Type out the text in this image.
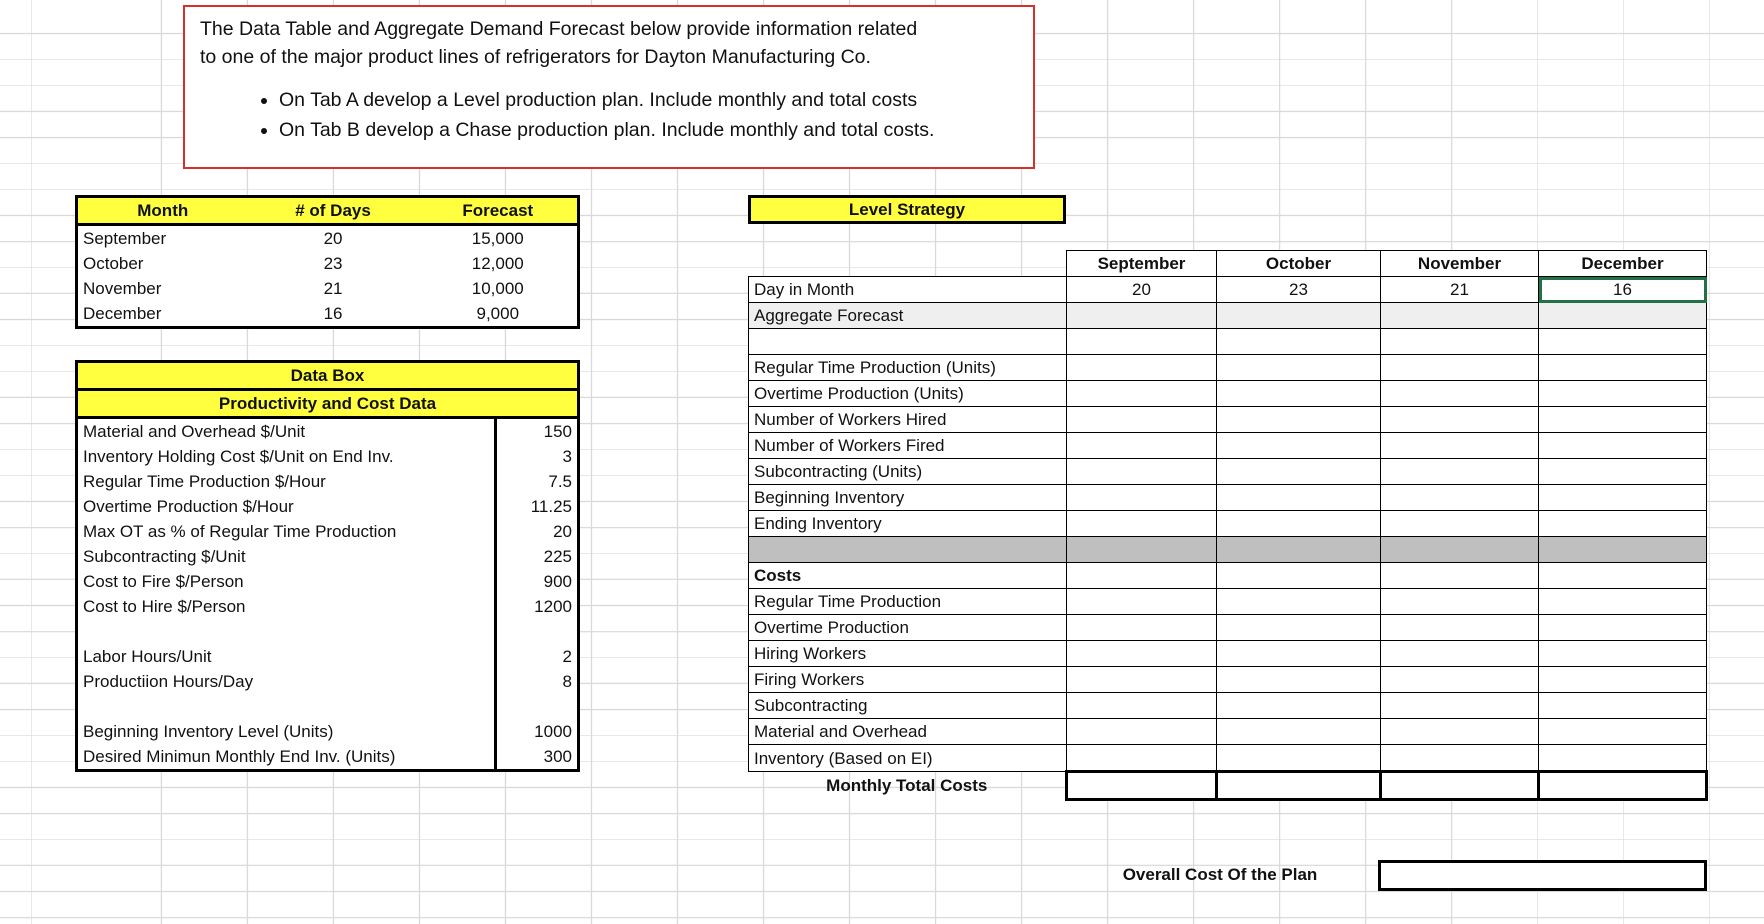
The Data Table and Aggregate Demand Forecast below provide information related
to one of the major product lines of refrigerators for Dayton Manufacturing Co.
• On Tab A develop a Level production plan. Include monthly and total costs
• On Tab B develop a Chase production plan. Include monthly and total costs.
Month	# of Days	Forecast
September	20	15,000
October	23	12,000
November	21	10,000
December	16	9,000
Data Box	
Productivity and Cost Data	
Material and Overhead $/Unit	150
Inventory Holding Cost $/Unit on End Inv.	3
Regular Time Production $/Hour	7.5
Overtime Production $/Hour	11.25
Max OT as % of Regular Time Production	20
Subcontracting $/Unit	225
Cost to Fire $/Person	900
Cost to Hire $/Person	1200

Labor Hours/Unit	2
Productiion Hours/Day	8

Beginning Inventory Level (Units)	1000
Desired Minimun Monthly End Inv. (Units)	300
Level Strategy
	September	October	November	December
Day in Month	20	23	21	16
Aggregate Forecast				

Regular Time Production (Units)				
Overtime Production (Units)				
Number of Workers Hired				
Number of Workers Fired				
Subcontracting (Units)				
Beginning Inventory				
Ending Inventory				

Costs				
Regular Time Production				
Overtime Production				
Hiring Workers				
Firing Workers				
Subcontracting				
Material and Overhead				
Inventory (Based on EI)				
Monthly Total Costs				
Overall Cost Of the Plan
